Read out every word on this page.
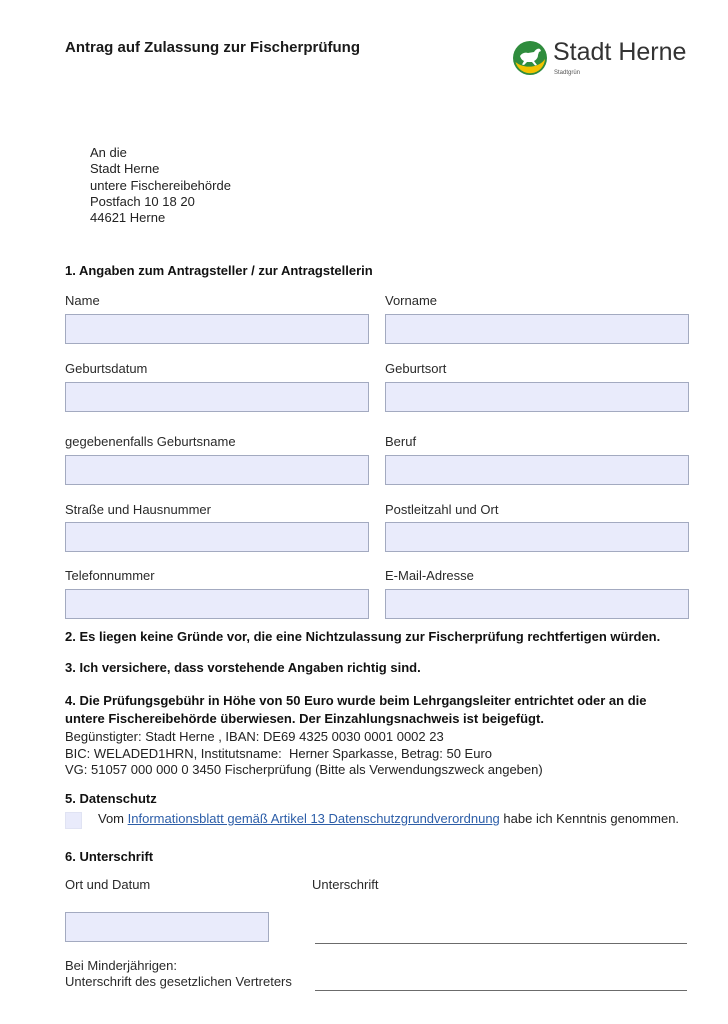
Antrag auf Zulassung zur Fischerprüfung	Stadt Herne
Stadtgrün
An die
Stadt Herne
untere Fischereibehörde
Postfach 10 18 20
44621 Herne
1. Angaben zum Antragsteller / zur Antragstellerin
Name	Vorname
Geburtsdatum	Geburtsort
gegebenenfalls Geburtsname	Beruf
Straße und Hausnummer	Postleitzahl und Ort
Telefonnummer	E-Mail-Adresse
2. Es liegen keine Gründe vor, die eine Nichtzulassung zur Fischerprüfung rechtfertigen würden.
3. Ich versichere, dass vorstehende Angaben richtig sind.
4. Die Prüfungsgebühr in Höhe von 50 Euro wurde beim Lehrgangsleiter entrichtet oder an die
untere Fischereibehörde überwiesen. Der Einzahlungsnachweis ist beigefügt.
Begünstigter: Stadt Herne , IBAN: DE69 4325 0030 0001 0002 23
BIC: WELADED1HRN, Institutsname:  Herner Sparkasse, Betrag: 50 Euro
VG: 51057 000 000 0 3450 Fischerprüfung (Bitte als Verwendungszweck angeben)
5. Datenschutz
Vom Informationsblatt gemäß Artikel 13 Datenschutzgrundverordnung habe ich Kenntnis genommen.
6. Unterschrift
Ort und Datum	Unterschrift
Bei Minderjährigen:
Unterschrift des gesetzlichen Vertreters
